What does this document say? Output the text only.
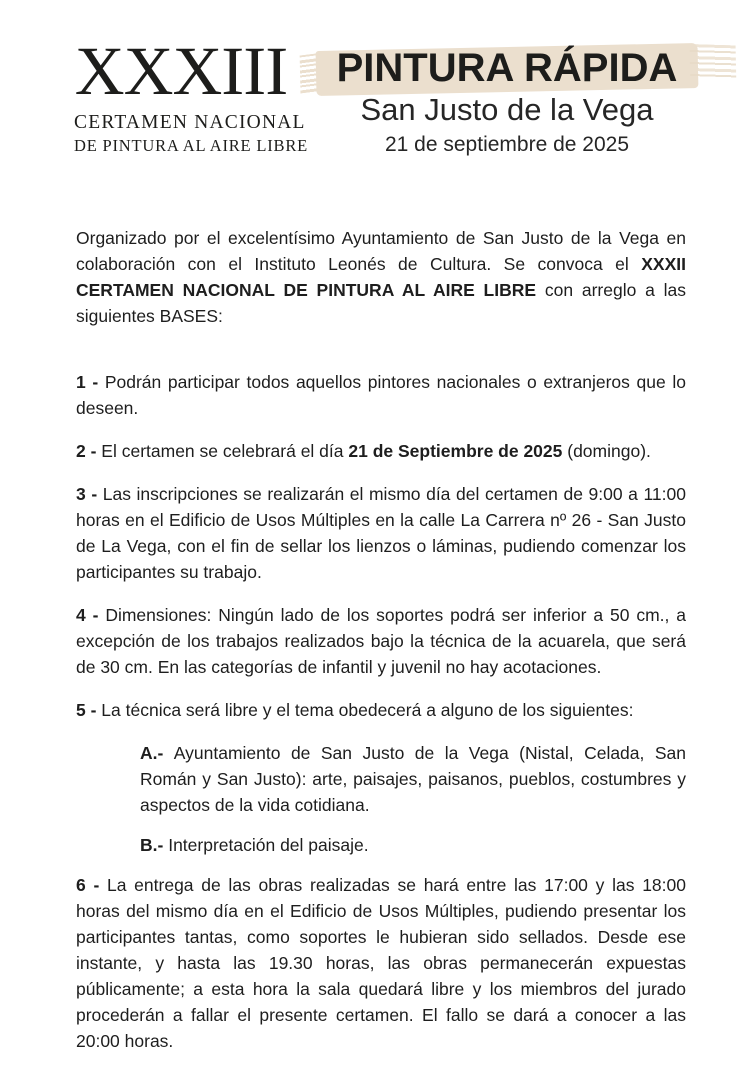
XXXIII
CERTAMEN NACIONAL
DE PINTURA AL AIRE LIBRE
PINTURA RÁPIDA
San Justo de la Vega
21 de septiembre de 2025

Organizado por el excelentísimo Ayuntamiento de San Justo de la Vega en colaboración con el Instituto Leonés de Cultura. Se convoca el XXXII CERTAMEN NACIONAL DE PINTURA AL AIRE LIBRE con arreglo a las siguientes BASES:

1 - Podrán participar todos aquellos pintores nacionales o extranjeros que lo deseen.

2 - El certamen se celebrará el día 21 de Septiembre de 2025 (domingo).

3 - Las inscripciones se realizarán el mismo día del certamen de 9:00 a 11:00 horas en el Edificio de Usos Múltiples en la calle La Carrera nº 26 - San Justo de La Vega, con el fin de sellar los lienzos o láminas, pudiendo comenzar los participantes su trabajo.

4 - Dimensiones: Ningún lado de los soportes podrá ser inferior a 50 cm., a excepción de los trabajos realizados bajo la técnica de la acuarela, que será de 30 cm. En las categorías de infantil y juvenil no hay acotaciones.

5 - La técnica será libre y el tema obedecerá a alguno de los siguientes:

A.- Ayuntamiento de San Justo de la Vega (Nistal, Celada, San Román y San Justo): arte, paisajes, paisanos, pueblos, costumbres y aspectos de la vida cotidiana.

B.- Interpretación del paisaje.

6 - La entrega de las obras realizadas se hará entre las 17:00 y las 18:00 horas del mismo día en el Edificio de Usos Múltiples, pudiendo presentar los participantes tantas, como soportes le hubieran sido sellados. Desde ese instante, y hasta las 19.30 horas, las obras permanecerán expuestas públicamente; a esta hora la sala quedará libre y los miembros del jurado procederán a fallar el presente certamen. El fallo se dará a conocer a las 20:00 horas.
